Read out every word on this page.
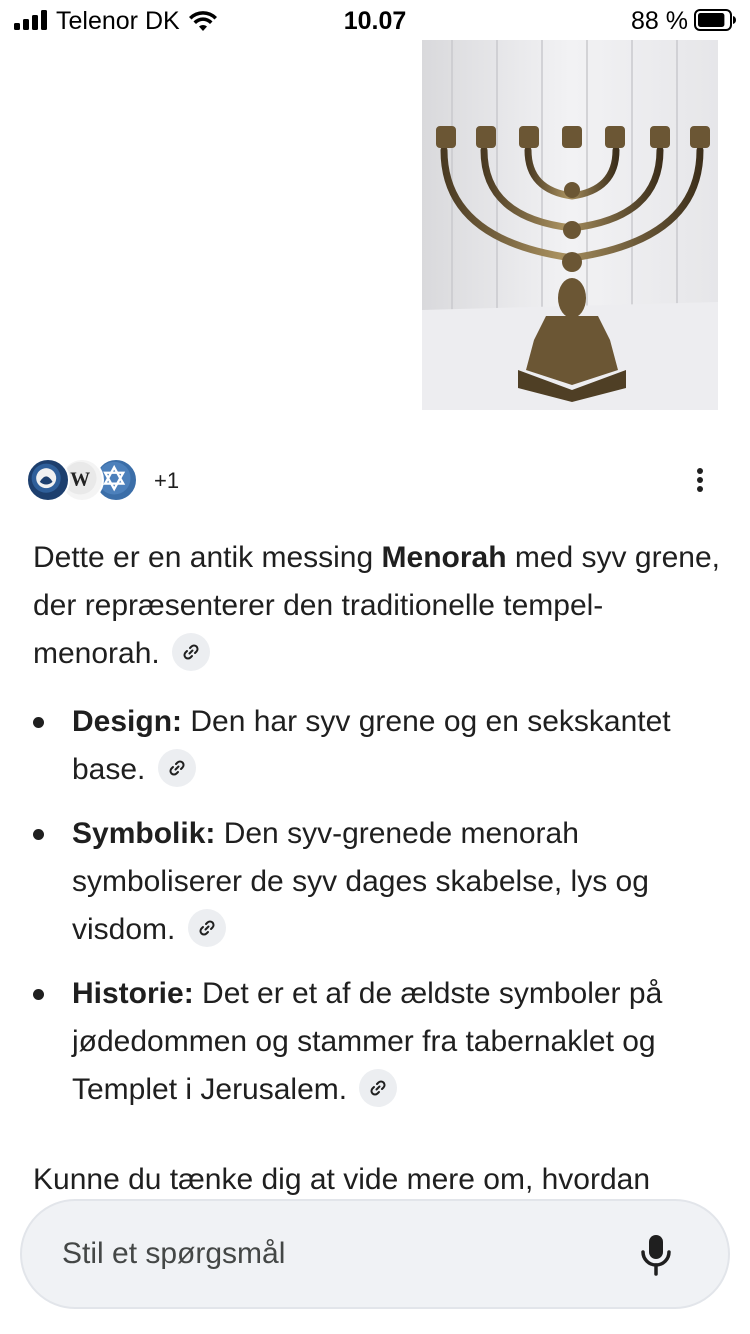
Telenor DK	10.07	88 %
W	+1
Dette er en antik messing Menorah med syv grene, der repræsenterer den traditionelle tempel-menorah.
Design: Den har syv grene og en sekskantet base.
Symbolik: Den syv-grenede menorah symboliserer de syv dages skabelse, lys og visdom.
Historie: Det er et af de ældste symboler på jødedommen og stammer fra tabernaklet og Templet i Jerusalem.
Kunne du tænke dig at vide mere om, hvordan
Stil et spørgsmål
